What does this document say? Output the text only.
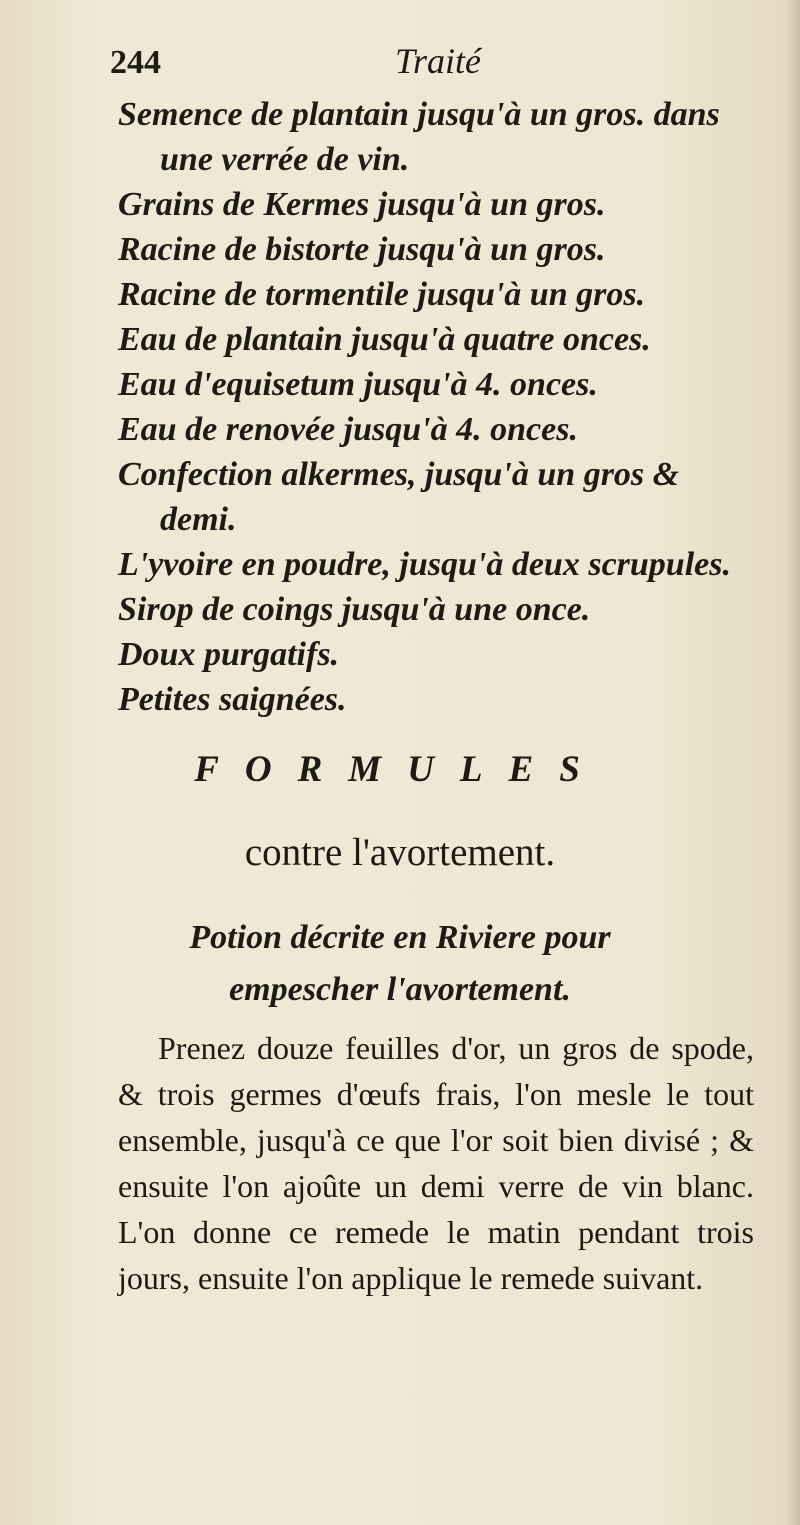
244	Traité
Semence de plantain jusqu'à un gros. dans une verrée de vin.
Grains de Kermes jusqu'à un gros.
Racine de bistorte jusqu'à un gros.
Racine de tormentile jusqu'à un gros.
Eau de plantain jusqu'à quatre onces.
Eau d'equisetum jusqu'à 4. onces.
Eau de renovée jusqu'à 4. onces.
Confection alkermes, jusqu'à un gros & demi.
L'yvoire en poudre, jusqu'à deux scrupules.
Sirop de coings jusqu'à une once.
Doux purgatifs.
Petites saignées.
FORMULES
contre l'avortement.
Potion décrite en Riviere pour
empescher l'avortement.
Prenez douze feuilles d'or, un gros de spode, & trois germes d'œufs frais, l'on mesle le tout ensemble, jusqu'à ce que l'or soit bien divisé ; & ensuite l'on ajoûte un demi verre de vin blanc. L'on donne ce remede le matin pendant trois jours, ensuite l'on applique le remede suivant.
